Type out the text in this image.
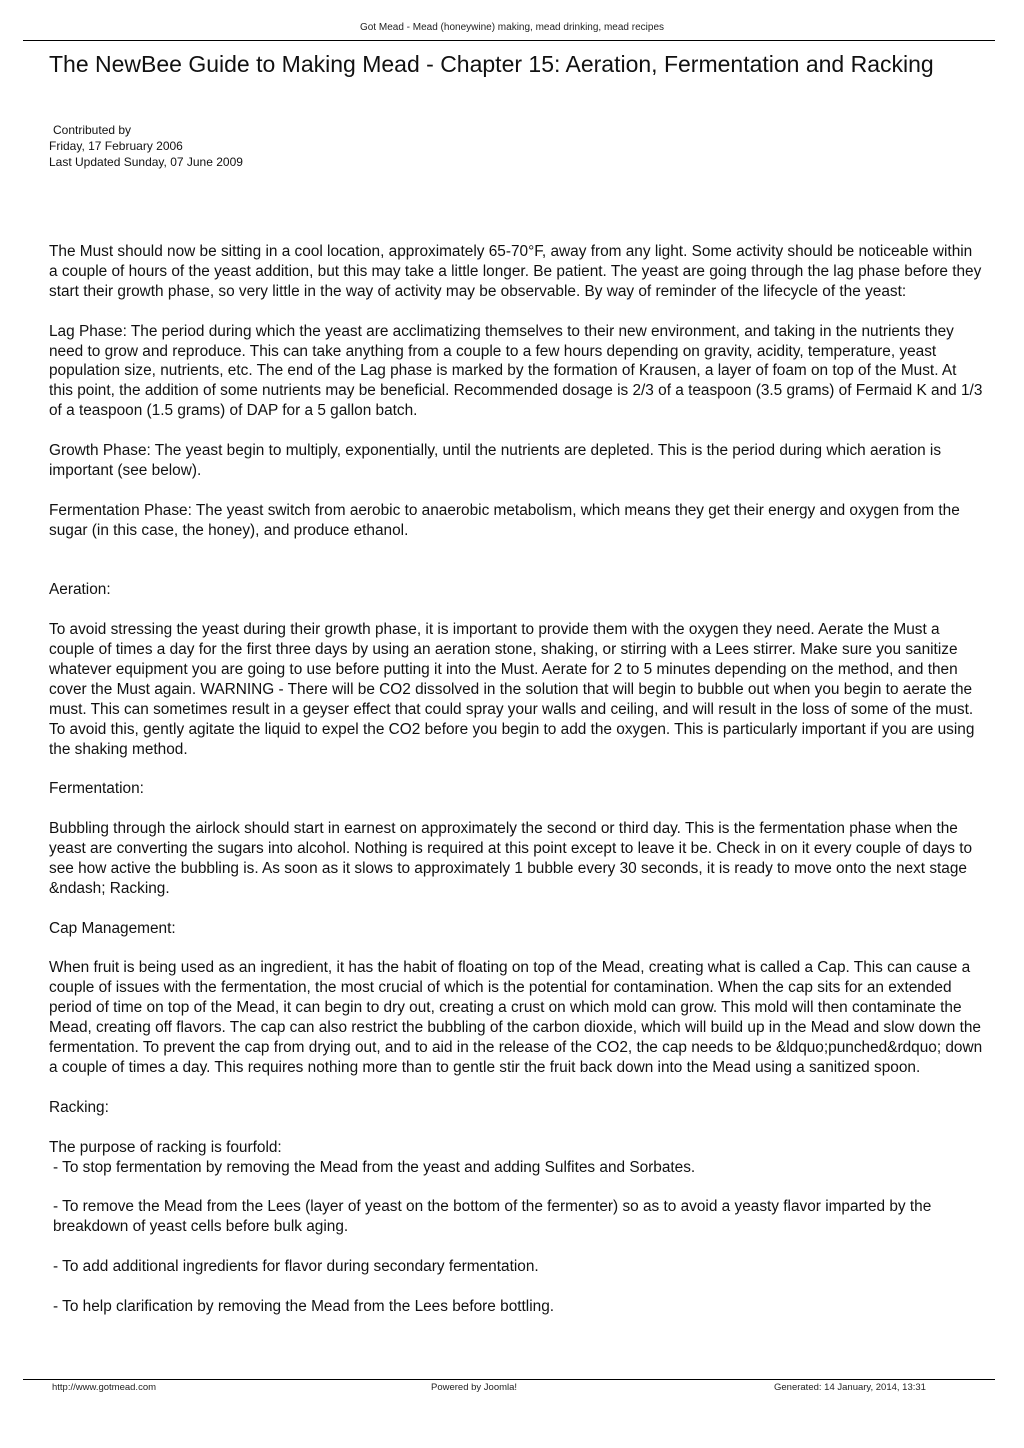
Got Mead - Mead (honeywine) making, mead drinking, mead recipes
The NewBee Guide to Making Mead - Chapter 15: Aeration, Fermentation and Racking
Contributed by
Friday, 17 February 2006
Last Updated Sunday, 07 June 2009

The Must should now be sitting in a cool location, approximately 65-70°F, away from any light. Some activity should be noticeable within a couple of hours of the yeast addition, but this may take a little longer. Be patient. The yeast are going through the lag phase before they start their growth phase, so very little in the way of activity may be observable. By way of reminder of the lifecycle of the yeast:

Lag Phase: The period during which the yeast are acclimatizing themselves to their new environment, and taking in the nutrients they need to grow and reproduce. This can take anything from a couple to a few hours depending on gravity, acidity, temperature, yeast population size, nutrients, etc. The end of the Lag phase is marked by the formation of Krausen, a layer of foam on top of the Must. At this point, the addition of some nutrients may be beneficial. Recommended dosage is 2/3 of a teaspoon (3.5 grams) of Fermaid K and 1/3 of a teaspoon (1.5 grams) of DAP for a 5 gallon batch.

Growth Phase: The yeast begin to multiply, exponentially, until the nutrients are depleted. This is the period during which aeration is important (see below).

Fermentation Phase: The yeast switch from aerobic to anaerobic metabolism, which means they get their energy and oxygen from the sugar (in this case, the honey), and produce ethanol.

Aeration:

To avoid stressing the yeast during their growth phase, it is important to provide them with the oxygen they need. Aerate the Must a couple of times a day for the first three days by using an aeration stone, shaking, or stirring with a Lees stirrer. Make sure you sanitize whatever equipment you are going to use before putting it into the Must. Aerate for 2 to 5 minutes depending on the method, and then cover the Must again. WARNING - There will be CO2 dissolved in the solution that will begin to bubble out when you begin to aerate the must. This can sometimes result in a geyser effect that could spray your walls and ceiling, and will result in the loss of some of the must. To avoid this, gently agitate the liquid to expel the CO2 before you begin to add the oxygen. This is particularly important if you are using the shaking method.

Fermentation:

Bubbling through the airlock should start in earnest on approximately the second or third day. This is the fermentation phase when the yeast are converting the sugars into alcohol. Nothing is required at this point except to leave it be. Check in on it every couple of days to see how active the bubbling is. As soon as it slows to approximately 1 bubble every 30 seconds, it is ready to move onto the next stage &ndash; Racking.

Cap Management:

When fruit is being used as an ingredient, it has the habit of floating on top of the Mead, creating what is called a Cap. This can cause a couple of issues with the fermentation, the most crucial of which is the potential for contamination. When the cap sits for an extended period of time on top of the Mead, it can begin to dry out, creating a crust on which mold can grow. This mold will then contaminate the Mead, creating off flavors. The cap can also restrict the bubbling of the carbon dioxide, which will build up in the Mead and slow down the fermentation. To prevent the cap from drying out, and to aid in the release of the CO2, the cap needs to be &ldquo;punched&rdquo; down a couple of times a day. This requires nothing more than to gentle stir the fruit back down into the Mead using a sanitized spoon.

Racking:

The purpose of racking is fourfold:

- To stop fermentation by removing the Mead from the yeast and adding Sulfites and Sorbates.

- To remove the Mead from the Lees (layer of yeast on the bottom of the fermenter) so as to avoid a yeasty flavor imparted by the breakdown of yeast cells before bulk aging.

- To add additional ingredients for flavor during secondary fermentation.

- To help clarification by removing the Mead from the Lees before bottling.

http://www.gotmead.com	Powered by Joomla!	Generated: 14 January, 2014, 13:31
